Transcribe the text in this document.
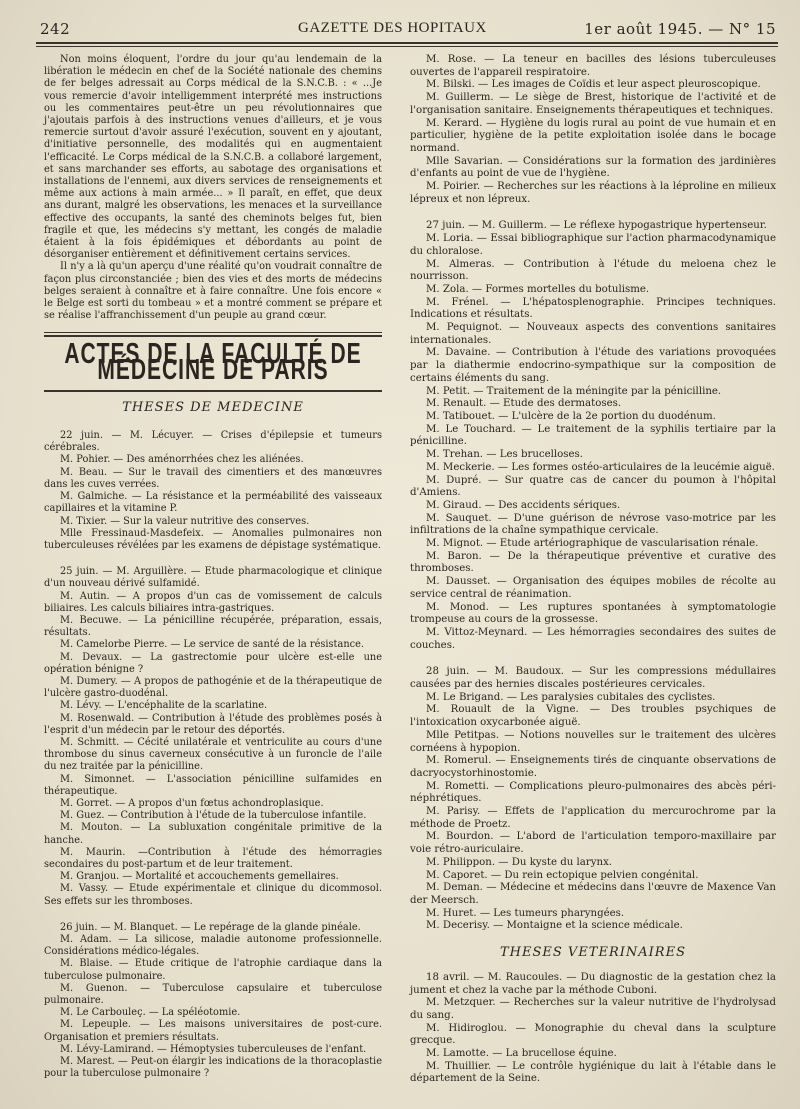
242	GAZETTE DES HOPITAUX	1er août 1945. — N° 15

Non moins éloquent, l'ordre du jour qu'au lendemain de la libération le médecin en chef de la Société nationale des chemins de fer belges adressait au Corps médical de la S.N.C.B. : « ...Je vous remercie d'avoir intelligemment interprété mes instructions ou les commentaires peut-être un peu révolutionnaires que j'ajoutais parfois à des instructions venues d'ailleurs, et je vous remercie surtout d'avoir assuré l'exécution, souvent en y ajoutant, d'initiative personnelle, des modalités qui en augmentaient l'efficacité. Le Corps médical de la S.N.C.B. a collaboré largement, et sans marchander ses efforts, au sabotage des organisations et installations de l'ennemi, aux divers services de renseignements et même aux actions à main armée... » Il paraît, en effet, que deux ans durant, malgré les observations, les menaces et la surveillance effective des occupants, la santé des cheminots belges fut, bien fragile et que, les médecins s'y mettant, les congés de maladie étaient à la fois épidémiques et débordants au point de désorganiser entièrement et définitivement certains services.

Il n'y a là qu'un aperçu d'une réalité qu'on voudrait connaître de façon plus circonstanciée ; bien des vies et des morts de médecins belges seraient à connaître et à faire connaître. Une fois encore « le Belge est sorti du tombeau » et a montré comment se prépare et se réalise l'affranchissement d'un peuple au grand cœur.

ACTES DE LA FACULTÉ DE MÉDECINE DE PARIS
THESES DE MEDECINE

22 juin. — M. Lécuyer. — Crises d'épilepsie et tumeurs cérébrales.

M. Pohier. — Des aménorrhées chez les aliénées.

M. Beau. — Sur le travail des cimentiers et des manœuvres dans les cuves verrées.

M. Galmiche. — La résistance et la perméabilité des vaisseaux capillaires et la vitamine P.

M. Tixier. — Sur la valeur nutritive des conserves.

Mlle Fressinaud-Masdefeix. — Anomalies pulmonaires non tuberculeuses révélées par les examens de dépistage systématique.

25 juin. — M. Arguillère. — Etude pharmacologique et clinique d'un nouveau dérivé sulfamidé.

M. Autin. — A propos d'un cas de vomissement de calculs biliaires. Les calculs biliaires intra-gastriques.

M. Becuwe. — La pénicilline récupérée, préparation, essais, résultats.

M. Camelorbe Pierre. — Le service de santé de la résistance.

M. Devaux. — La gastrectomie pour ulcère est-elle une opération bénigne ?

M. Dumery. — A propos de pathogénie et de la thérapeutique de l'ulcère gastro-duodénal.

M. Lévy. — L'encéphalite de la scarlatine.

M. Rosenwald. — Contribution à l'étude des problèmes posés à l'esprit d'un médecin par le retour des déportés.

M. Schmitt. — Cécité unilatérale et ventriculite au cours d'une thrombose du sinus caverneux consécutive à un furoncle de l'aile du nez traitée par la pénicilline.

M. Simonnet. — L'association pénicilline sulfamides en thérapeutique.

M. Gorret. — A propos d'un fœtus achondroplasique.

M. Guez. — Contribution à l'étude de la tuberculose infantile.

M. Mouton. — La subluxation congénitale primitive de la hanche.

M. Maurin. —Contribution à l'étude des hémorragies secondaires du post-partum et de leur traitement.

M. Granjou. — Mortalité et accouchements gemellaires.

M. Vassy. — Etude expérimentale et clinique du dicommosol. Ses effets sur les thromboses.

26 juin. — M. Blanquet. — Le repérage de la glande pinéale.

M. Adam. — La silicose, maladie autonome professionnelle. Considérations médico-légales.

M. Blaise. — Etude critique de l'atrophie cardiaque dans la tuberculose pulmonaire.

M. Guenon. — Tuberculose capsulaire et tuberculose pulmonaire.

M. Le Carbouleç. — La spéléotomie.

M. Lepeuple. — Les maisons universitaires de post-cure. Organisation et premiers résultats.

M. Lévy-Lamirand. — Hémoptysies tuberculeuses de l'enfant.

M. Marest. — Peut-on élargir les indications de la thoracoplastie pour la tuberculose pulmonaire ?

M. Rose. — La teneur en bacilles des lésions tuberculeuses ouvertes de l'appareil respiratoire.

M. Bilski. — Les images de Coïdis et leur aspect pleuroscopique.

M. Guillerm. — Le siège de Brest, historique de l'activité et de l'organisation sanitaire. Enseignements thérapeutiques et techniques.

M. Kerard. — Hygiène du logis rural au point de vue humain et en particulier, hygiène de la petite exploitation isolée dans le bocage normand.

Mlle Savarian. — Considérations sur la formation des jardinières d'enfants au point de vue de l'hygiène.

M. Poirier. — Recherches sur les réactions à la léproline en milieux lépreux et non lépreux.

27 juin. — M. Guillerm. — Le réflexe hypogastrique hypertenseur.

M. Loria. — Essai bibliographique sur l'action pharmacodynamique du chloralose.

M. Almeras. — Contribution à l'étude du meloena chez le nourrisson.

M. Zola. — Formes mortelles du botulisme.

M. Frénel. — L'hépatosplenographie. Principes techniques. Indications et résultats.

M. Pequignot. — Nouveaux aspects des conventions sanitaires internationales.

M. Davaine. — Contribution à l'étude des variations provoquées par la diathermie endocrino-sympathique sur la composition de certains éléments du sang.

M. Petit. — Traitement de la méningite par la pénicilline.

M. Renault. — Etude des dermatoses.

M. Tatibouet. — L'ulcère de la 2e portion du duodénum.

M. Le Touchard. — Le traitement de la syphilis tertiaire par la pénicilline.

M. Trehan. — Les brucelloses.

M. Meckerie. — Les formes ostéo-articulaires de la leucémie aiguë.

M. Dupré. — Sur quatre cas de cancer du poumon à l'hôpital d'Amiens.

M. Giraud. — Des accidents sériques.

M. Sauquet. — D'une guérison de névrose vaso-motrice par les infiltrations de la chaîne sympathique cervicale.

M. Mignot. — Etude artériographique de vascularisation rénale.

M. Baron. — De la thérapeutique préventive et curative des thromboses.

M. Dausset. — Organisation des équipes mobiles de récolte au service central de réanimation.

M. Monod. — Les ruptures spontanées à symptomatologie trompeuse au cours de la grossesse.

M. Vittoz-Meynard. — Les hémorragies secondaires des suites de couches.

28 juin. — M. Baudoux. — Sur les compressions médullaires causées par des hernies discales postérieures cervicales.

M. Le Brigand. — Les paralysies cubitales des cyclistes.

M. Rouault de la Vigne. — Des troubles psychiques de l'intoxication oxycarbonée aiguë.

Mlle Petitpas. — Notions nouvelles sur le traitement des ulcères cornéens à hypopion.

M. Romerul. — Enseignements tirés de cinquante observations de dacryocystorhinostomie.

M. Rometti. — Complications pleuro-pulmonaires des abcès péri-néphrétiques.

M. Parisy. — Effets de l'application du mercurochrome par la méthode de Proetz.

M. Bourdon. — L'abord de l'articulation temporo-maxillaire par voie rétro-auriculaire.

M. Philippon. — Du kyste du larynx.

M. Caporet. — Du rein ectopique pelvien congénital.

M. Deman. — Médecine et médecins dans l'œuvre de Maxence Van der Meersch.

M. Huret. — Les tumeurs pharyngées.

M. Decerisy. — Montaigne et la science médicale.

THESES VETERINAIRES

18 avril. — M. Raucoules. — Du diagnostic de la gestation chez la jument et chez la vache par la méthode Cuboni.

M. Metzquer. — Recherches sur la valeur nutritive de l'hydrolysad du sang.

M. Hidiroglou. — Monographie du cheval dans la sculpture grecque.

M. Lamotte. — La brucellose équine.

M. Thuillier. — Le contrôle hygiénique du lait à l'étable dans le département de la Seine.
